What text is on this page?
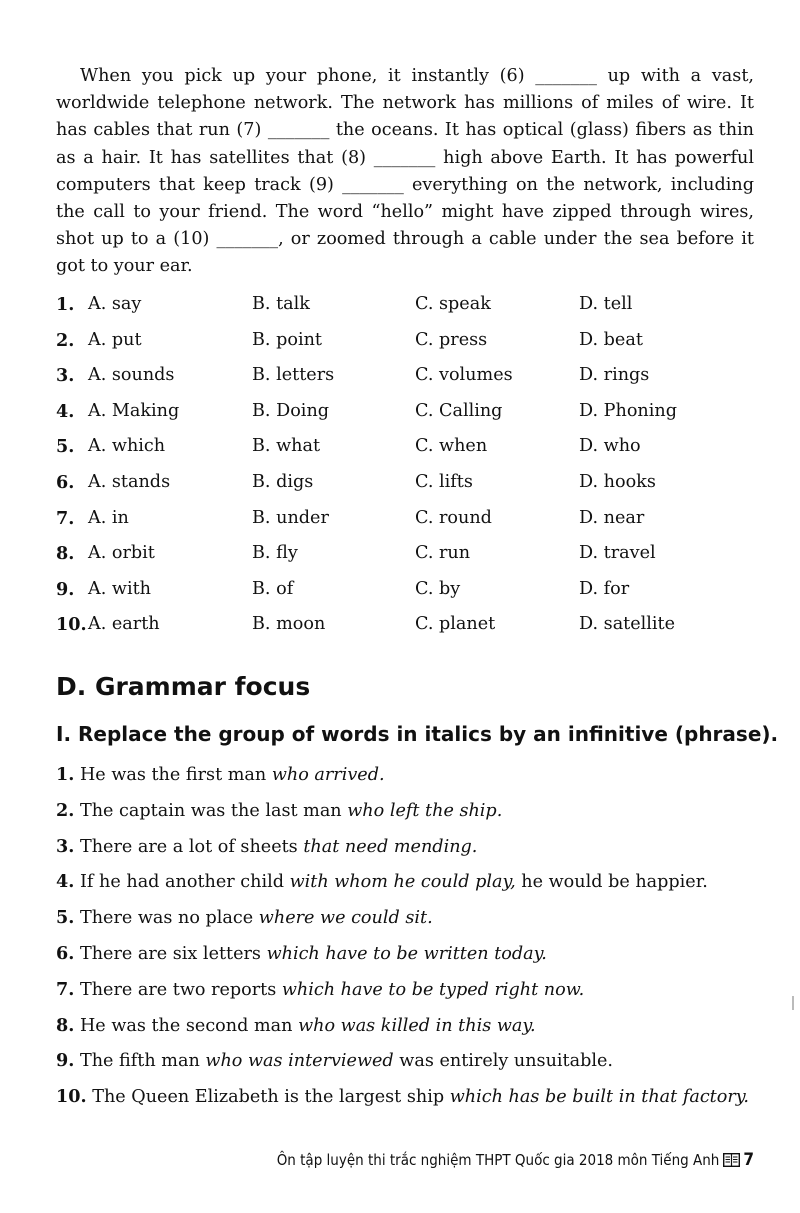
When you pick up your phone, it instantly (6) _______ up with a vast, worldwide telephone network. The network has millions of miles of wire. It has cables that run (7) _______ the oceans. It has optical (glass) fibers as thin as a hair. It has satellites that (8) _______ high above Earth. It has powerful computers that keep track (9) _______ everything on the network, including the call to your friend. The word “hello” might have zipped through wires, shot up to a (10) _______, or zoomed through a cable under the sea before it got to your ear.

1. A. say	B. talk	C. speak	D. tell
2. A. put	B. point	C. press	D. beat
3. A. sounds	B. letters	C. volumes	D. rings
4. A. Making	B. Doing	C. Calling	D. Phoning
5. A. which	B. what	C. when	D. who
6. A. stands	B. digs	C. lifts	D. hooks
7. A. in	B. under	C. round	D. near
8. A. orbit	B. fly	C. run	D. travel
9. A. with	B. of	C. by	D. for
10. A. earth	B. moon	C. planet	D. satellite
D. Grammar focus
I. Replace the group of words in italics by an infinitive (phrase).
1. He was the first man who arrived.
2. The captain was the last man who left the ship.
3. There are a lot of sheets that need mending.
4. If he had another child with whom he could play, he would be happier.
5. There was no place where we could sit.
6. There are six letters which have to be written today.
7. There are two reports which have to be typed right now.
8. He was the second man who was killed in this way.
9. The fifth man who was interviewed was entirely unsuitable.
10. The Queen Elizabeth is the largest ship which has be built in that factory.
Ôn tập luyện thi trắc nghiệm THPT Quốc gia 2018 môn Tiếng Anh 7
